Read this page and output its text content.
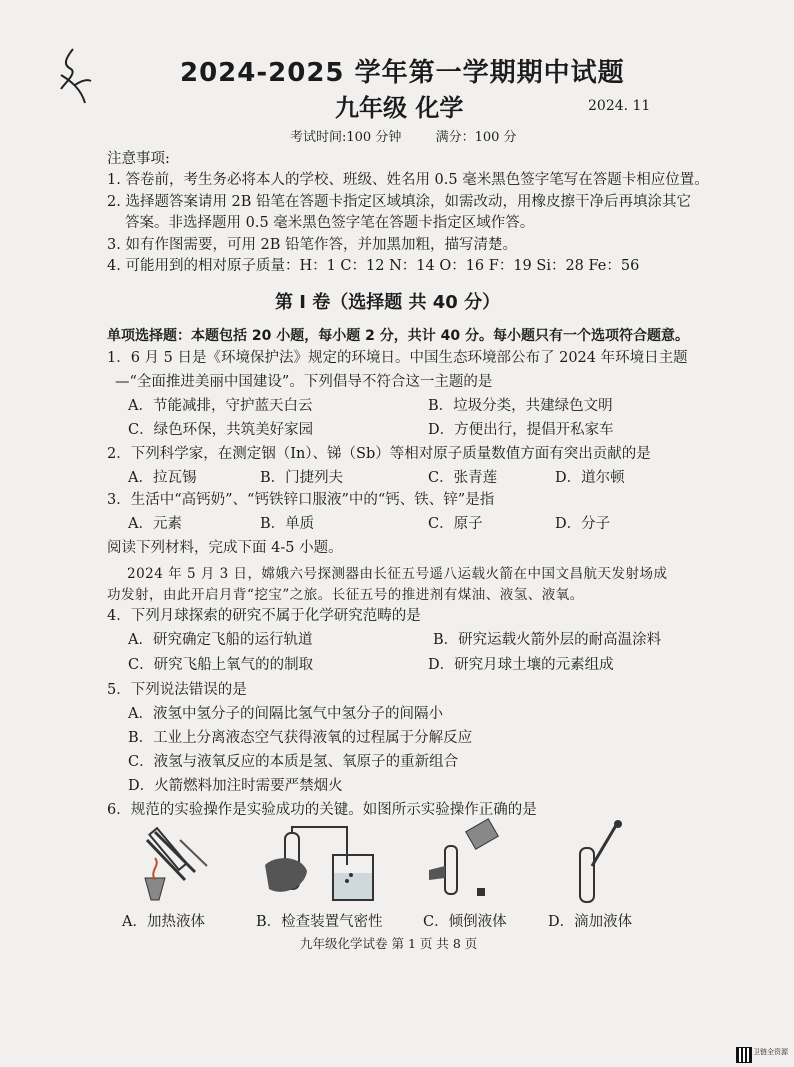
2024-2025 学年第一学期期中试题
九年级 化学	2024. 11
考试时间:100 分钟	满分：100 分
注意事项:
1. 答卷前，考生务必将本人的学校、班级、姓名用 0.5 毫米黑色签字笔写在答题卡相应位置。
2. 选择题答案请用 2B 铅笔在答题卡指定区域填涂，如需改动，用橡皮擦干净后再填涂其它
答案。非选择题用 0.5 毫米黑色签字笔在答题卡指定区域作答。
3. 如有作图需要，可用 2B 铅笔作答，并加黑加粗，描写清楚。
4. 可能用到的相对原子质量：H：1 C：12 N：14 O：16 F：19 Si：28 Fe：56
第 I 卷（选择题 共 40 分）
单项选择题：本题包括 20 小题，每小题 2 分，共计 40 分。每小题只有一个选项符合题意。
1．6 月 5 日是《环境保护法》规定的环境日。中国生态环境部公布了 2024 年环境日主题
—“全面推进美丽中国建设”。下列倡导不符合这一主题的是
A．节能减排，守护蓝天白云	B．垃圾分类，共建绿色文明
C．绿色环保，共筑美好家园	D．方便出行，提倡开私家车
2．下列科学家，在测定铟（In）、锑（Sb）等相对原子质量数值方面有突出贡献的是
A．拉瓦锡	B．门捷列夫	C．张青莲	D．道尔顿
3．生活中“高钙奶”、“钙铁锌口服液”中的“钙、铁、锌”是指
A．元素	B．单质	C．原子	D．分子
阅读下列材料，完成下面 4-5 小题。
2024 年 5 月 3 日，嫦娥六号探测器由长征五号遥八运载火箭在中国文昌航天发射场成
功发射，由此开启月背“挖宝”之旅。长征五号的推进剂有煤油、液氢、液氧。
4．下列月球探索的研究不属于化学研究范畴的是
A．研究确定飞船的运行轨道	B．研究运载火箭外层的耐高温涂料
C．研究飞船上氧气的的制取	D．研究月球土壤的元素组成
5．下列说法错误的是
A．液氢中氢分子的间隔比氢气中氢分子的间隔小
B．工业上分离液态空气获得液氧的过程属于分解反应
C．液氢与液氧反应的本质是氢、氧原子的重新组合
D．火箭燃料加注时需要严禁烟火
6．规范的实验操作是实验成功的关键。如图所示实验操作正确的是
A．加热液体	B．检查装置气密性	C．倾倒液体	D．滴加液体
九年级化学试卷 第 1 页 共 8 页
卫链全资源
